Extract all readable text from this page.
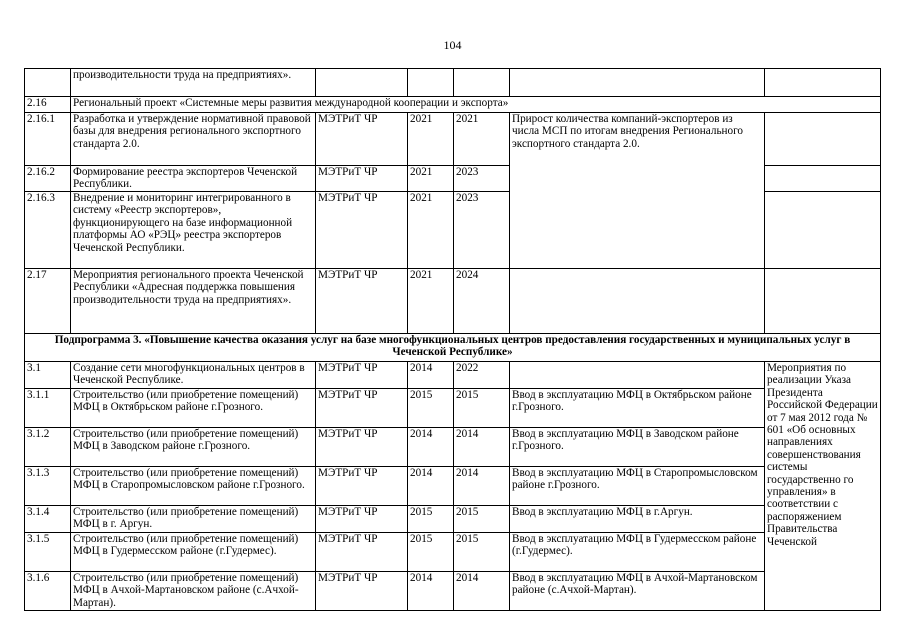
104
	производительности труда на предприятиях».					
2.16	Региональный проект «Системные меры развития международной кооперации и экспорта»					
2.16.1	Разработка и утверждение нормативной правовой базы для внедрения регионального экспортного стандарта 2.0.	МЭТРиТ ЧР	2021	2021	Прирост количества компаний-экспортеров из числа МСП по итогам внедрения Регионального экспортного стандарта 2.0.	
2.16.2	Формирование реестра экспортеров Чеченской Республики.	МЭТРиТ ЧР	2021	2023		
2.16.3	Внедрение и мониторинг интегрированного в систему «Реестр экспортеров», функционирующего на базе информационной платформы АО «РЭЦ» реестра экспортеров Чеченской Республики.	МЭТРиТ ЧР	2021	2023		
2.17	Мероприятия регионального проекта Чеченской Республики «Адресная поддержка повышения производительности труда на предприятиях».	МЭТРиТ ЧР	2021	2024		
Подпрограмма 3. «Повышение качества оказания услуг на базе многофункциональных центров предоставления государственных и муниципальных услуг в Чеченской Республике»						
3.1	Создание сети многофункциональных центров в Чеченской Республике.	МЭТРиТ ЧР	2014	2022		Мероприятия по реализации Указа Президента Российской Федерации от 7 мая 2012 года № 601 «Об основных направлениях совершенствования системы государственно го управления» в соответствии с распоряжением Правительства Чеченской

3.1.1	Строительство (или приобретение помещений) МФЦ в Октябрьском районе г.Грозного.	МЭТРиТ ЧР	2015	2015	Ввод в эксплуатацию МФЦ в Октябрьском районе г.Грозного.	
3.1.2	Строительство (или приобретение помещений) МФЦ в Заводском районе г.Грозного.	МЭТРиТ ЧР	2014	2014	Ввод в эксплуатацию МФЦ в Заводском районе г.Грозного.	
3.1.3	Строительство (или приобретение помещений) МФЦ в Старопромысловском районе г.Грозного.	МЭТРиТ ЧР	2014	2014	Ввод в эксплуатацию МФЦ в Старопромысловском районе г.Грозного.	
3.1.4	Строительство (или приобретение помещений) МФЦ в г. Аргун.	МЭТРиТ ЧР	2015	2015	Ввод в эксплуатацию МФЦ в г.Аргун.	
3.1.5	Строительство (или приобретение помещений) МФЦ в Гудермесском районе (г.Гудермес).	МЭТРиТ ЧР	2015	2015	Ввод в эксплуатацию МФЦ в Гудермесском районе (г.Гудермес).	
3.1.6	Строительство (или приобретение помещений) МФЦ в Ачхой-Мартановском районе (с.Ачхой-Мартан).	МЭТРиТ ЧР	2014	2014	Ввод в эксплуатацию МФЦ в Ачхой-Мартановском районе (с.Ачхой-Мартан).	
